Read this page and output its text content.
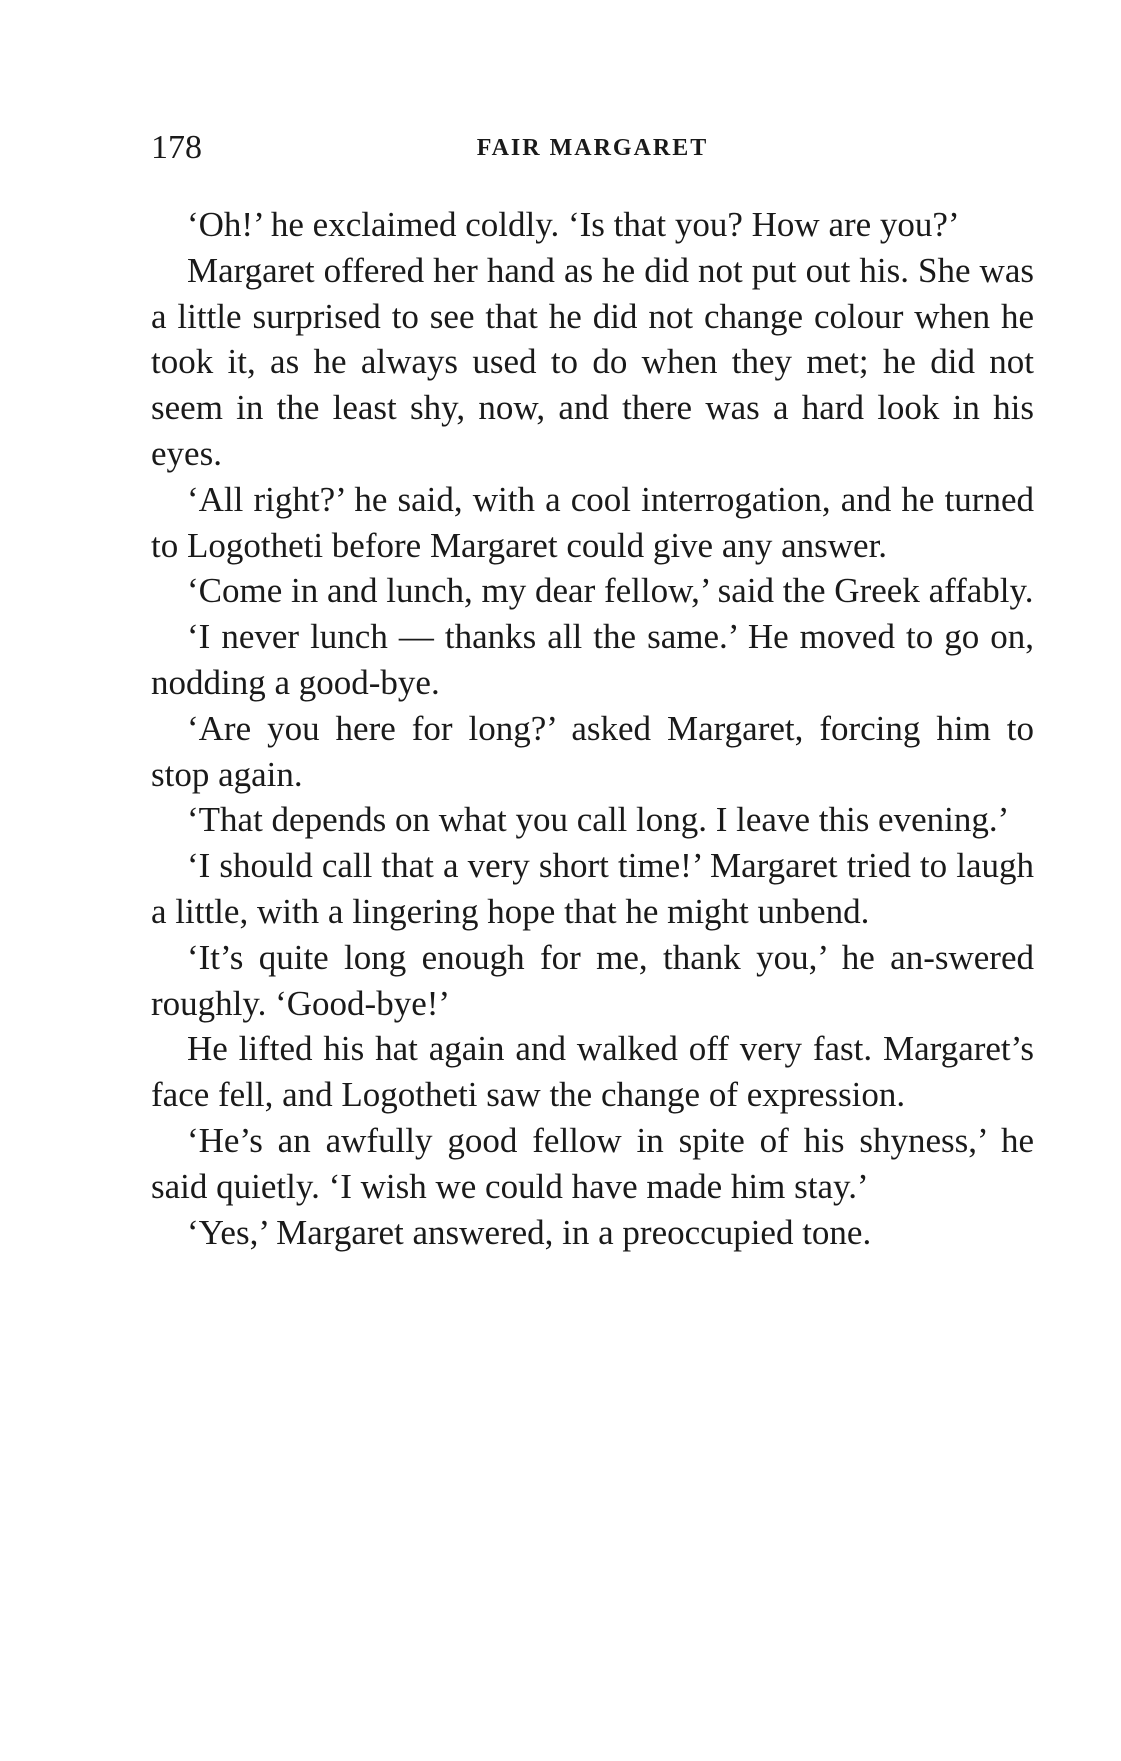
178	FAIR MARGARET

‘Oh!’ he exclaimed coldly. ‘Is that you? How are you?’

Margaret offered her hand as he did not put out his. She was a little surprised to see that he did not change colour when he took it, as he always used to do when they met; he did not seem in the least shy, now, and there was a hard look in his eyes.

‘All right?’ he said, with a cool interrogation, and he turned to Logotheti before Margaret could give any answer.

‘Come in and lunch, my dear fellow,’ said the Greek affably.

‘I never lunch — thanks all the same.’ He moved to go on, nodding a good-bye.

‘Are you here for long?’ asked Margaret, forcing him to stop again.

‘That depends on what you call long. I leave this evening.’

‘I should call that a very short time!’ Margaret tried to laugh a little, with a lingering hope that he might unbend.

‘It’s quite long enough for me, thank you,’ he an-swered roughly. ‘Good-bye!’

He lifted his hat again and walked off very fast. Margaret’s face fell, and Logotheti saw the change of expression.

‘He’s an awfully good fellow in spite of his shyness,’ he said quietly. ‘I wish we could have made him stay.’

‘Yes,’ Margaret answered, in a preoccupied tone.
